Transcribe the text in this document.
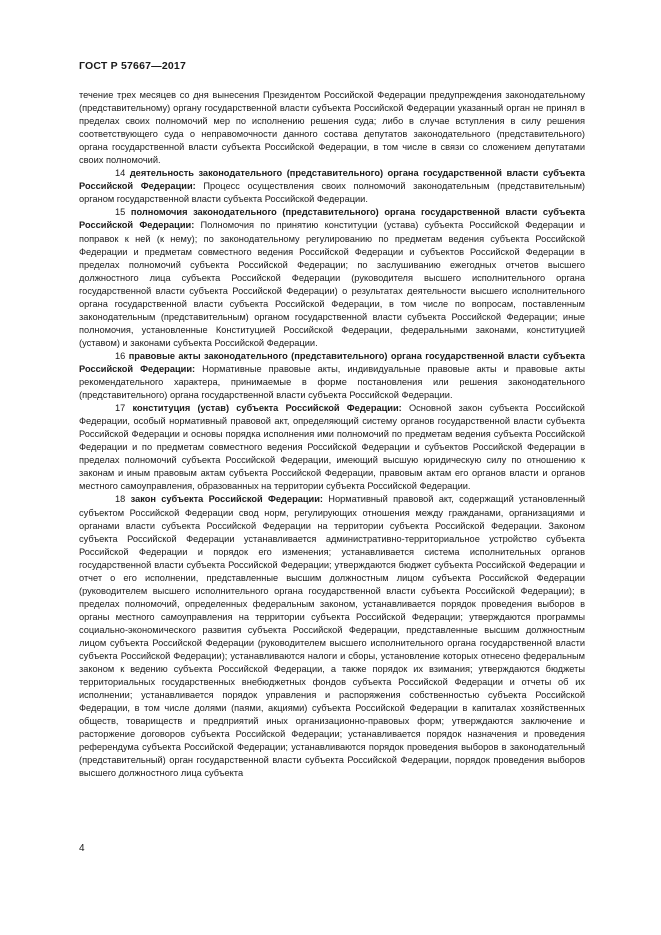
ГОСТ Р 57667—2017

течение трех месяцев со дня вынесения Президентом Российской Федерации предупреждения законодательному (представительному) органу государственной власти субъекта Российской Федерации указанный орган не принял в пределах своих полномочий мер по исполнению решения суда; либо в случае вступления в силу решения соответствующего суда о неправомочности данного состава депутатов законодательного (представительного) органа государственной власти субъекта Российской Федерации, в том числе в связи со сложением депутатами своих полномочий.

14 деятельность законодательного (представительного) органа государственной власти субъекта Российской Федерации: Процесс осуществления своих полномочий законодательным (представительным) органом государственной власти субъекта Российской Федерации.

15 полномочия законодательного (представительного) органа государственной власти субъекта Российской Федерации: Полномочия по принятию конституции (устава) субъекта Российской Федерации и поправок к ней (к нему); по законодательному регулированию по предметам ведения субъекта Российской Федерации и предметам совместного ведения Российской Федерации и субъектов Российской Федерации в пределах полномочий субъекта Российской Федерации; по заслушиванию ежегодных отчетов высшего должностного лица субъекта Российской Федерации (руководителя высшего исполнительного органа государственной власти субъекта Российской Федерации) о результатах деятельности высшего исполнительного органа государственной власти субъекта Российской Федерации, в том числе по вопросам, поставленным законодательным (представительным) органом государственной власти субъекта Российской Федерации; иные полномочия, установленные Конституцией Российской Федерации, федеральными законами, конституцией (уставом) и законами субъекта Российской Федерации.

16 правовые акты законодательного (представительного) органа государственной власти субъекта Российской Федерации: Нормативные правовые акты, индивидуальные правовые акты и правовые акты рекомендательного характера, принимаемые в форме постановления или решения законодательного (представительного) органа государственной власти субъекта Российской Федерации.

17 конституция (устав) субъекта Российской Федерации: Основной закон субъекта Российской Федерации, особый нормативный правовой акт, определяющий систему органов государственной власти субъекта Российской Федерации и основы порядка исполнения ими полномочий по предметам ведения субъекта Российской Федерации и по предметам совместного ведения Российской Федерации и субъектов Российской Федерации в пределах полномочий субъекта Российской Федерации, имеющий высшую юридическую силу по отношению к законам и иным правовым актам субъекта Российской Федерации, правовым актам его органов власти и органов местного самоуправления, образованных на территории субъекта Российской Федерации.

18 закон субъекта Российской Федерации: Нормативный правовой акт, содержащий установленный субъектом Российской Федерации свод норм, регулирующих отношения между гражданами, организациями и органами власти субъекта Российской Федерации на территории субъекта Российской Федерации. Законом субъекта Российской Федерации устанавливается административно-территориальное устройство субъекта Российской Федерации и порядок его изменения; устанавливается система исполнительных органов государственной власти субъекта Российской Федерации; утверждаются бюджет субъекта Российской Федерации и отчет о его исполнении, представленные высшим должностным лицом субъекта Российской Федерации (руководителем высшего исполнительного органа государственной власти субъекта Российской Федерации); в пределах полномочий, определенных федеральным законом, устанавливается порядок проведения выборов в органы местного самоуправления на территории субъекта Российской Федерации; утверждаются программы социально-экономического развития субъекта Российской Федерации, представленные высшим должностным лицом субъекта Российской Федерации (руководителем высшего исполнительного органа государственной власти субъекта Российской Федерации); устанавливаются налоги и сборы, установление которых отнесено федеральным законом к ведению субъекта Российской Федерации, а также порядок их взимания; утверждаются бюджеты территориальных государственных внебюджетных фондов субъекта Российской Федерации и отчеты об их исполнении; устанавливается порядок управления и распоряжения собственностью субъекта Российской Федерации, в том числе долями (паями, акциями) субъекта Российской Федерации в капиталах хозяйственных обществ, товариществ и предприятий иных организационно-правовых форм; утверждаются заключение и расторжение договоров субъекта Российской Федерации; устанавливается порядок назначения и проведения референдума субъекта Российской Федерации; устанавливаются порядок проведения выборов в законодательный (представительный) орган государственной власти субъекта Российской Федерации, порядок проведения выборов высшего должностного лица субъекта

4
